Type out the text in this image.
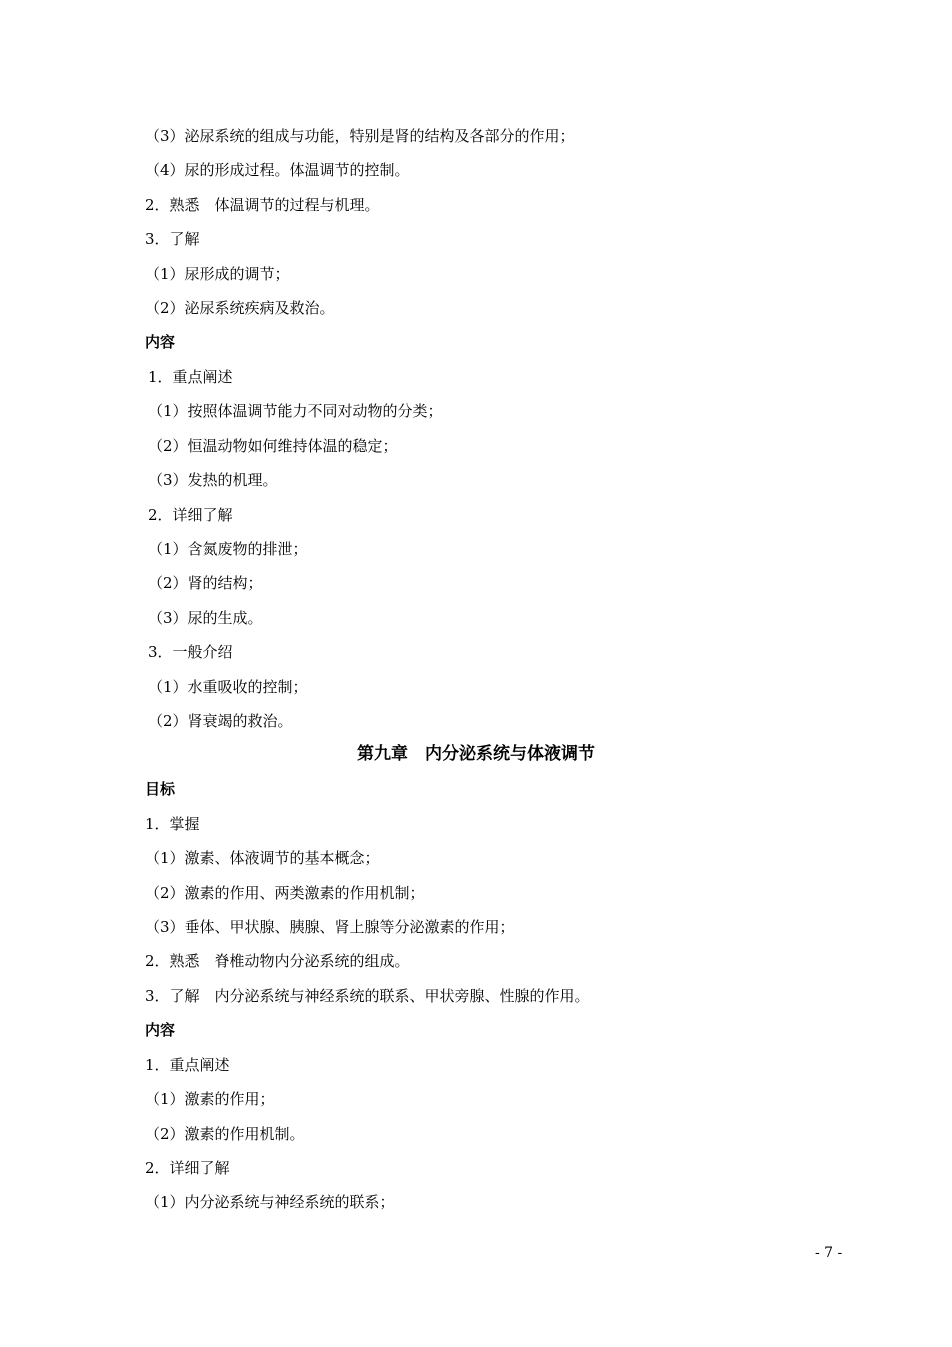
（3）泌尿系统的组成与功能，特别是肾的结构及各部分的作用；
（4）尿的形成过程。体温调节的控制。
2．熟悉　体温调节的过程与机理。
3．了解
（1）尿形成的调节；
（2）泌尿系统疾病及救治。
内容
1．重点阐述
（1）按照体温调节能力不同对动物的分类；
（2）恒温动物如何维持体温的稳定；
（3）发热的机理。
2．详细了解
（1）含氮废物的排泄；
（2）肾的结构；
（3）尿的生成。
3．一般介绍
（1）水重吸收的控制；
（2）肾衰竭的救治。
第九章　内分泌系统与体液调节
目标
1．掌握
（1）激素、体液调节的基本概念；
（2）激素的作用、两类激素的作用机制；
（3）垂体、甲状腺、胰腺、肾上腺等分泌激素的作用；
2．熟悉　脊椎动物内分泌系统的组成。
3．了解　内分泌系统与神经系统的联系、甲状旁腺、性腺的作用。
内容
1．重点阐述
（1）激素的作用；
（2）激素的作用机制。
2．详细了解
（1）内分泌系统与神经系统的联系；
- 7 -
